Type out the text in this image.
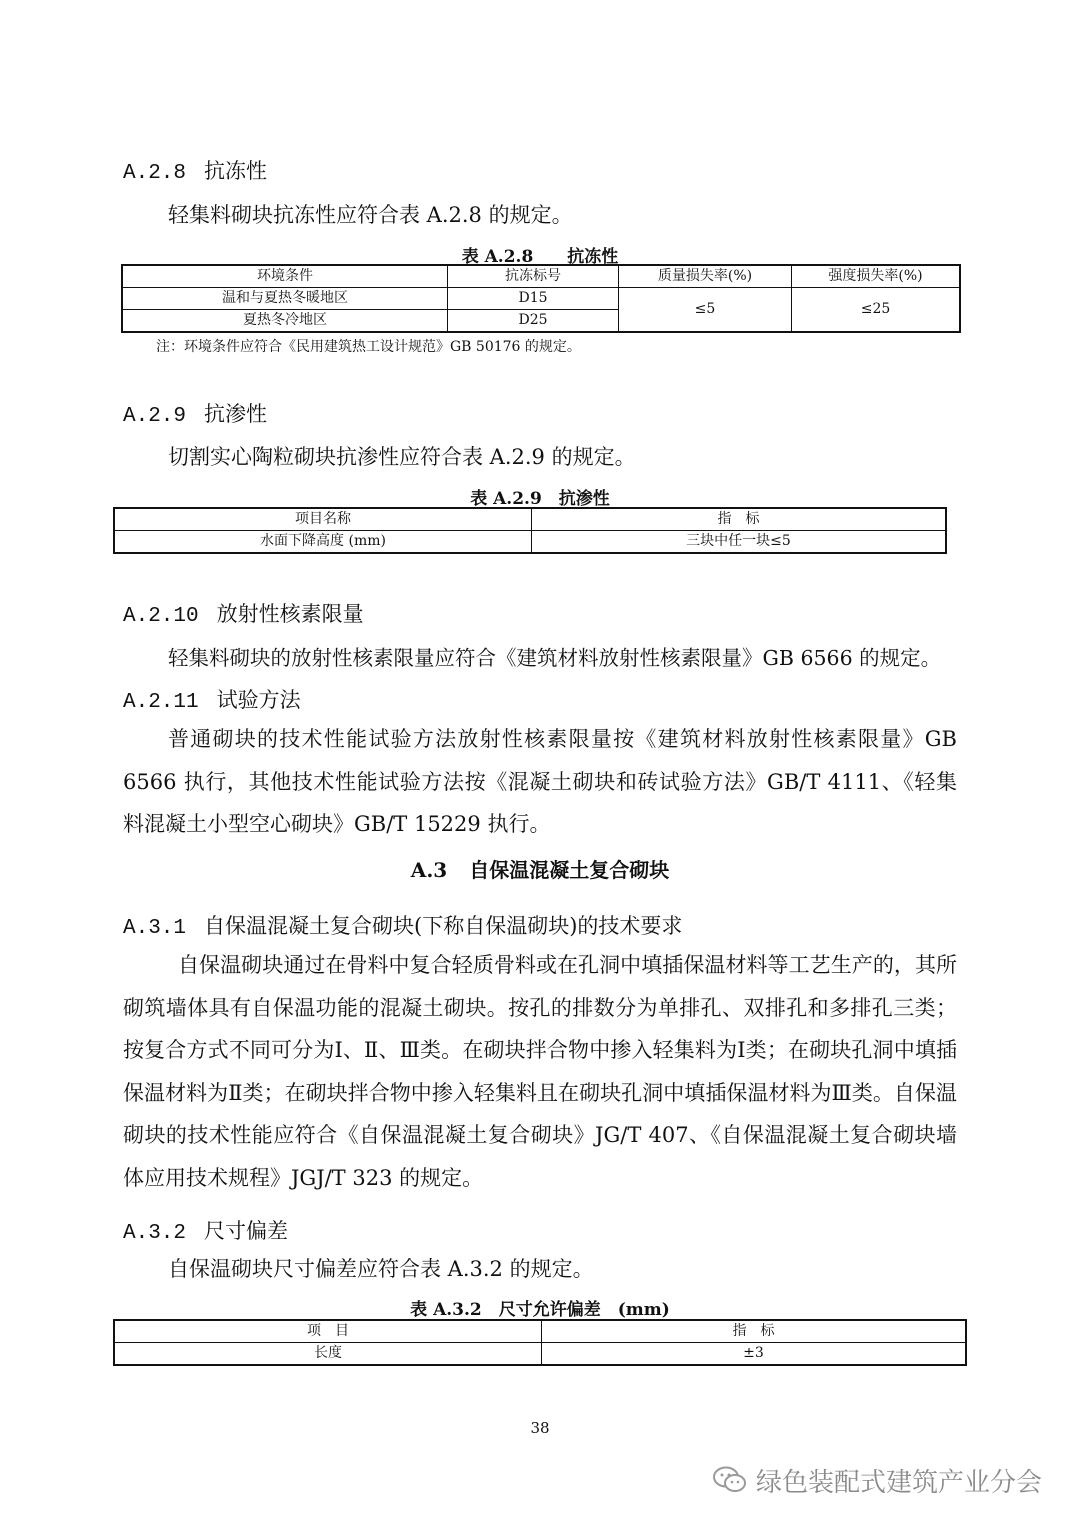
A.2.8 抗冻性
轻集料砌块抗冻性应符合表 A.2.8 的规定。
表 A.2.8　　抗冻性
环境条件	抗冻标号	质量损失率(%)	强度损失率(%)
温和与夏热冬暖地区	D15	≤5	≤25
夏热冬冷地区	D25		
注：环境条件应符合《民用建筑热工设计规范》GB 50176 的规定。
A.2.9 抗渗性
切割实心陶粒砌块抗渗性应符合表 A.2.9 的规定。
表 A.2.9　抗渗性
项目名称	指　标
水面下降高度 (mm)	三块中任一块≤5
A.2.10 放射性核素限量
轻集料砌块的放射性核素限量应符合《建筑材料放射性核素限量》GB 6566 的规定。
A.2.11 试验方法
普通砌块的技术性能试验方法放射性核素限量按《建筑材料放射性核素限量》GB 6566 执行，其他技术性能试验方法按《混凝土砌块和砖试验方法》GB/T 4111、《轻集料混凝土小型空心砌块》GB/T 15229 执行。
A.3 自保温混凝土复合砌块
A.3.1 自保温混凝土复合砌块(下称自保温砌块)的技术要求
自保温砌块通过在骨料中复合轻质骨料或在孔洞中填插保温材料等工艺生产的，其所砌筑墙体具有自保温功能的混凝土砌块。按孔的排数分为单排孔、双排孔和多排孔三类；按复合方式不同可分为Ⅰ、Ⅱ、Ⅲ类。在砌块拌合物中掺入轻集料为Ⅰ类；在砌块孔洞中填插保温材料为Ⅱ类；在砌块拌合物中掺入轻集料且在砌块孔洞中填插保温材料为Ⅲ类。自保温砌块的技术性能应符合《自保温混凝土复合砌块》JG/T 407、《自保温混凝土复合砌块墙体应用技术规程》JGJ/T 323 的规定。
A.3.2 尺寸偏差
自保温砌块尺寸偏差应符合表 A.3.2 的规定。
表 A.3.2　尺寸允许偏差　(mm)
项　目	指　标
长度	±3
38
绿色装配式建筑产业分会
